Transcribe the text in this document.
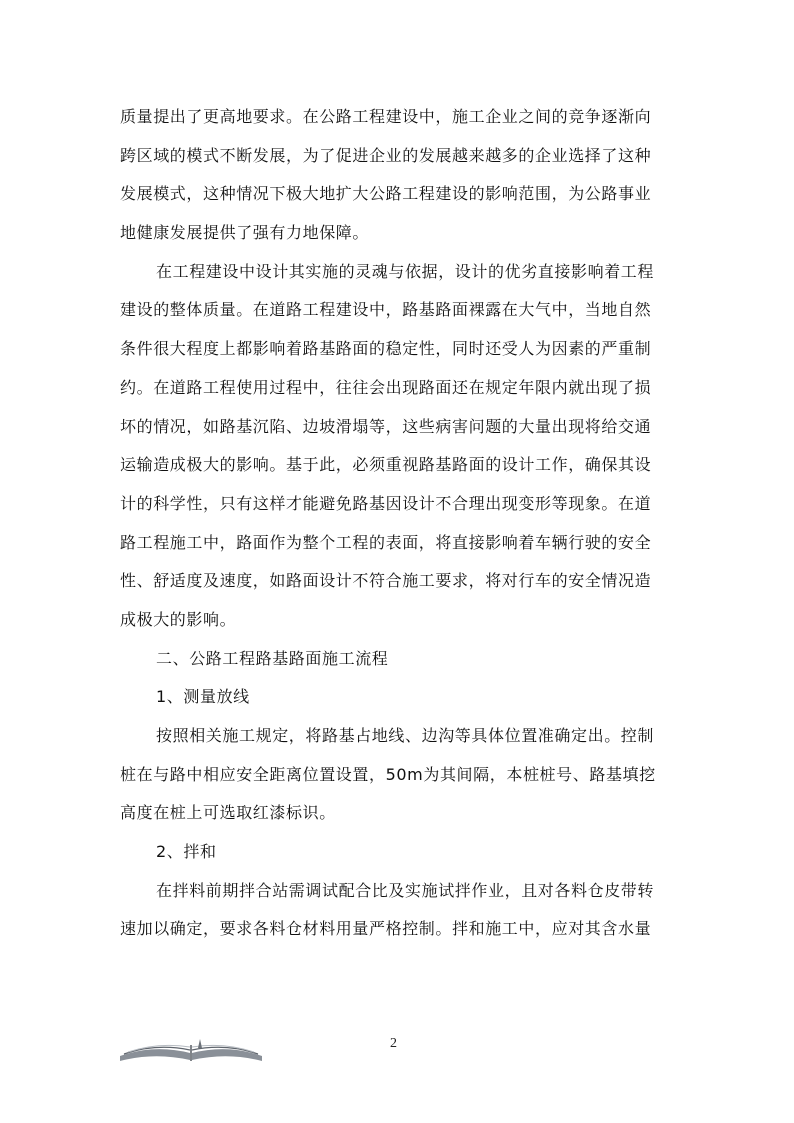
质量提出了更高地要求。在公路工程建设中，施工企业之间的竞争逐渐向
跨区域的模式不断发展，为了促进企业的发展越来越多的企业选择了这种
发展模式，这种情况下极大地扩大公路工程建设的影响范围，为公路事业
地健康发展提供了强有力地保障。
在工程建设中设计其实施的灵魂与依据，设计的优劣直接影响着工程
建设的整体质量。在道路工程建设中，路基路面裸露在大气中，当地自然
条件很大程度上都影响着路基路面的稳定性，同时还受人为因素的严重制
约。在道路工程使用过程中，往往会出现路面还在规定年限内就出现了损
坏的情况，如路基沉陷、边坡滑塌等，这些病害问题的大量出现将给交通
运输造成极大的影响。基于此，必须重视路基路面的设计工作，确保其设
计的科学性，只有这样才能避免路基因设计不合理出现变形等现象。在道
路工程施工中，路面作为整个工程的表面，将直接影响着车辆行驶的安全
性、舒适度及速度，如路面设计不符合施工要求，将对行车的安全情况造
成极大的影响。
二、公路工程路基路面施工流程
1、测量放线
按照相关施工规定，将路基占地线、边沟等具体位置准确定出。控制
桩在与路中相应安全距离位置设置，50m为其间隔，本桩桩号、路基填挖
高度在桩上可选取红漆标识。
2、拌和
在拌料前期拌合站需调试配合比及实施试拌作业，且对各料仓皮带转
速加以确定，要求各料仓材料用量严格控制。拌和施工中，应对其含水量
2
